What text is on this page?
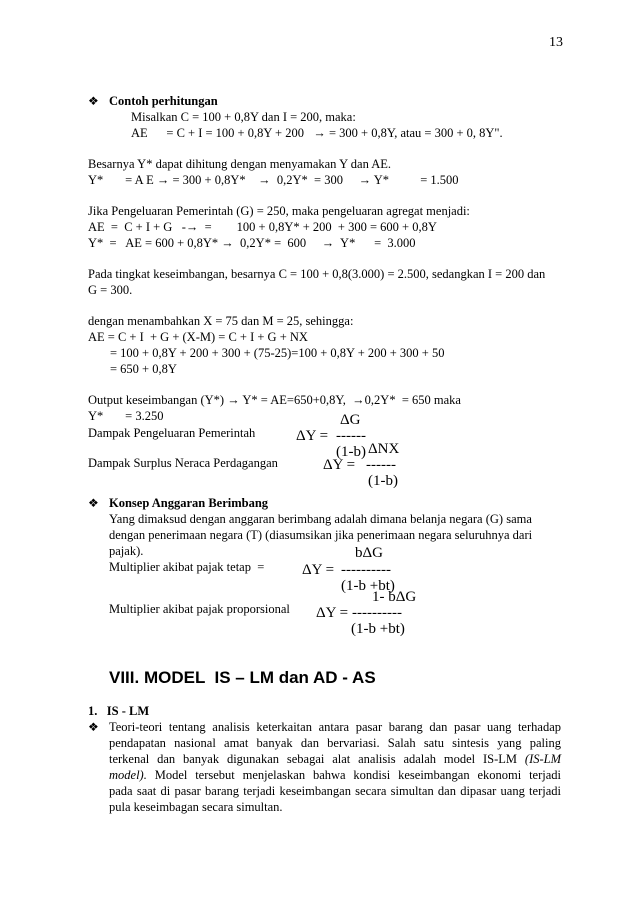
13
❖ Contoh perhitungan
Misalkan C = 100 + 0,8Y dan I = 200, maka:
AE      = C + I = 100 + 0,8Y + 200   → = 300 + 0,8Y, atau = 300 + 0, 8Y".
Besarnya Y* dapat dihitung dengan menyamakan Y dan AE.
Y*       = A E → = 300 + 0,8Y*    →  0,2Y*  = 300     → Y*          = 1.500
Jika Pengeluaran Pemerintah (G) = 250, maka pengeluaran agregat menjadi:
AE  =  C + I + G   -→  =        100 + 0,8Y* + 200  + 300 = 600 + 0,8Y
Y*  =   AE = 600 + 0,8Y* →  0,2Y* =  600     →  Y*      =  3.000
Pada tingkat keseimbangan, besarnya C = 100 + 0,8(3.000) = 2.500, sedangkan I = 200 dan
G = 300.
dengan menambahkan X = 75 dan M = 25, sehingga:
AE = C + I  + G + (X-M) = C + I + G + NX
= 100 + 0,8Y + 200 + 300 + (75-25)=100 + 0,8Y + 200 + 300 + 50
= 650 + 0,8Y
Output keseimbangan (Y*) → Y* = AE=650+0,8Y,  →0,2Y*  = 650 maka
Y*       = 3.250
Dampak Pengeluaran Pemerintah
ΔG
ΔY = ------
(1-b)
Dampak Surplus Neraca Perdagangan
ΔNX
ΔY = ------
(1-b)
❖ Konsep Anggaran Berimbang
Yang dimaksud dengan anggaran berimbang adalah dimana belanja negara (G) sama
dengan penerimaan negara (T) (diasumsikan jika penerimaan negara seluruhnya dari
pajak).
Multiplier akibat pajak tetap  =
bΔG
ΔY = ----------
(1-b +bt)
Multiplier akibat pajak proporsional
1- bΔG
ΔY = ----------
(1-b +bt)
VIII. MODEL  IS – LM dan AD - AS
1.   IS - LM
❖ Teori-teori tentang analisis keterkaitan antara pasar barang dan pasar uang terhadap
pendapatan nasional amat banyak dan bervariasi. Salah satu sintesis yang paling
terkenal dan banyak digunakan sebagai alat analisis adalah model IS-LM (IS-LM
model). Model tersebut menjelaskan bahwa kondisi keseimbangan ekonomi terjadi
pada saat di pasar barang terjadi keseimbangan secara simultan dan dipasar uang terjadi
pula keseimbagan secara simultan.
